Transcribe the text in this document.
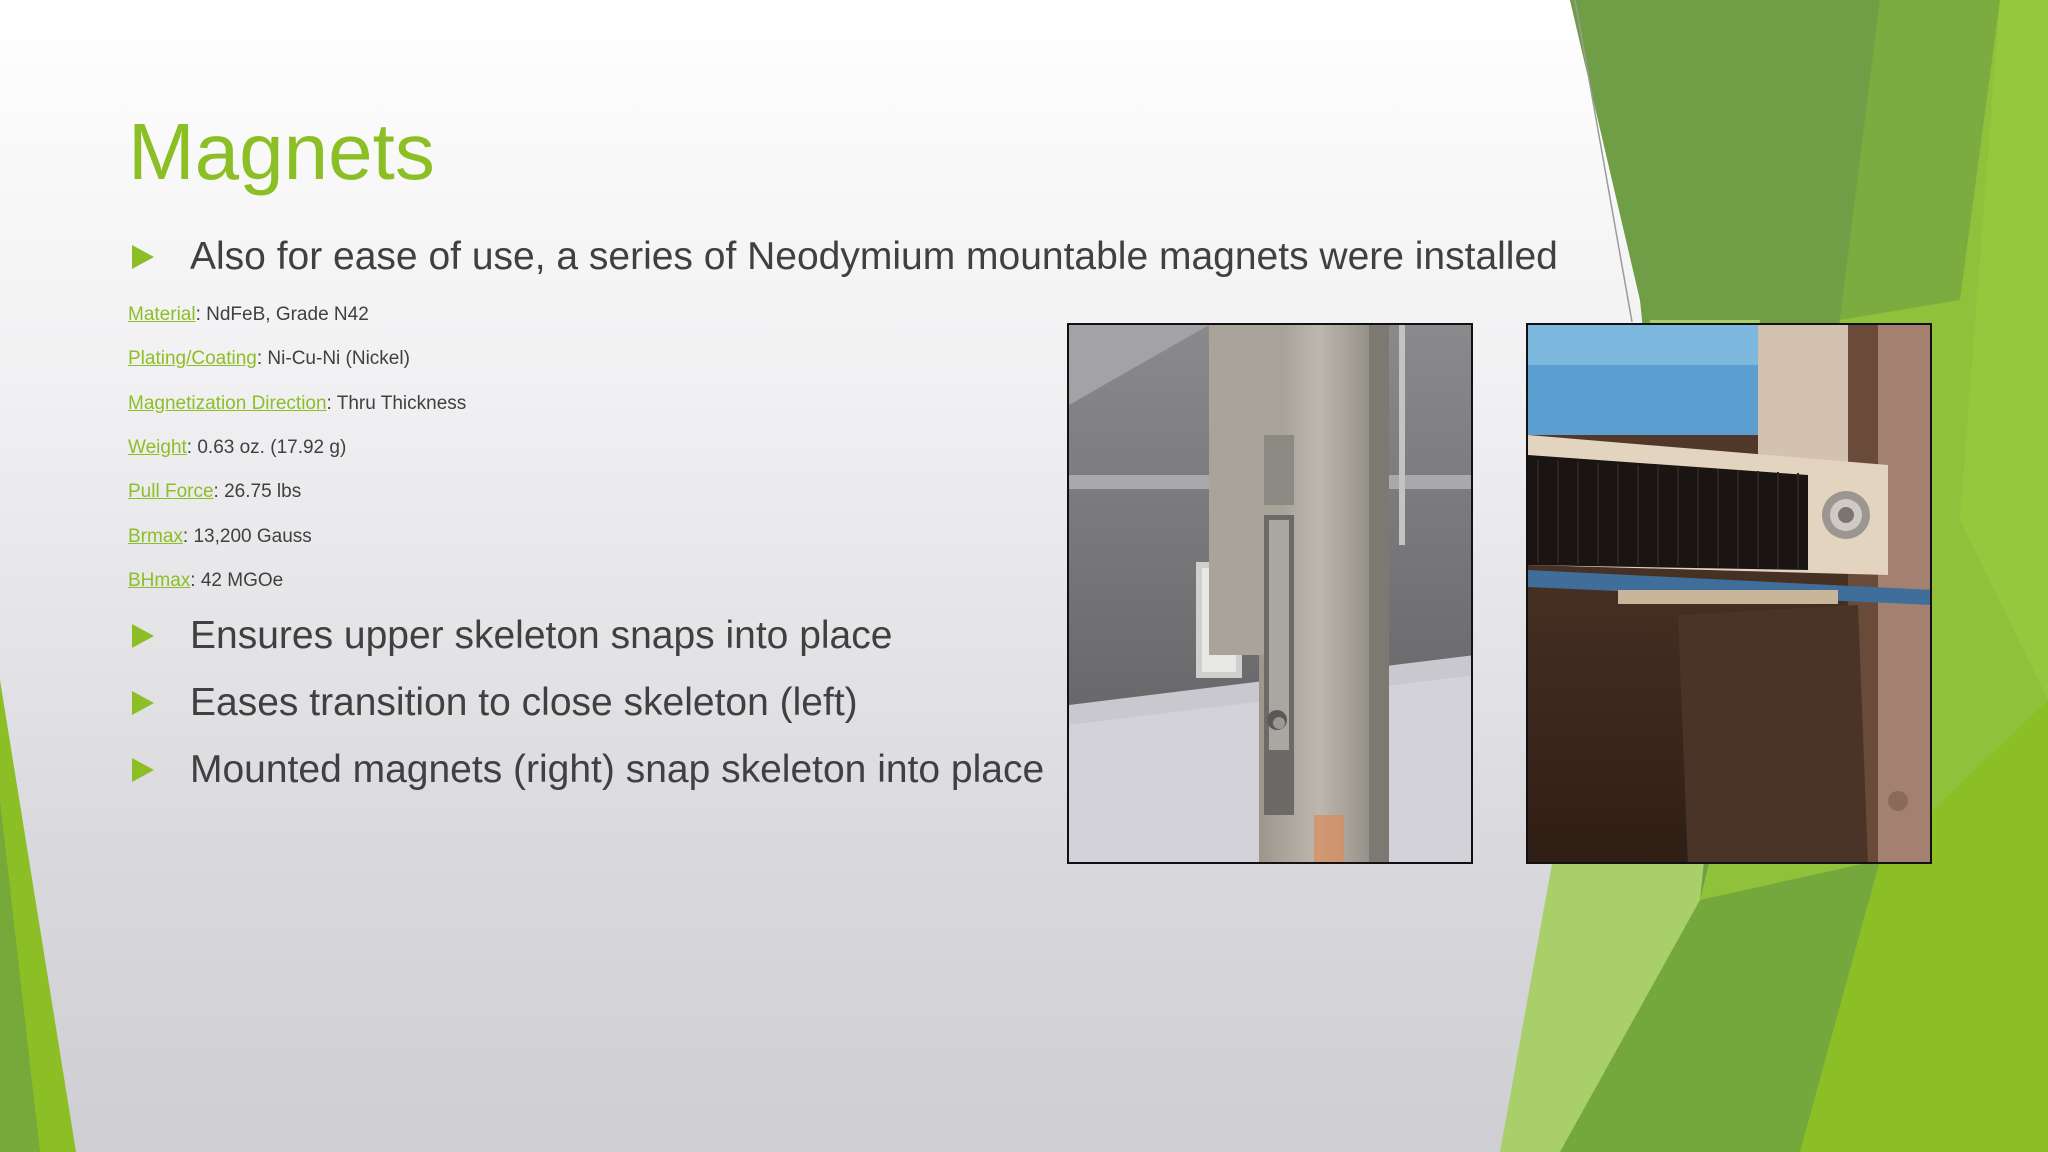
Magnets
Also for ease of use, a series of Neodymium mountable magnets were installed
Material: NdFeB, Grade N42
Plating/Coating: Ni-Cu-Ni (Nickel)
Magnetization Direction: Thru Thickness
Weight: 0.63 oz. (17.92 g)
Pull Force: 26.75 lbs
Brmax: 13,200 Gauss
BHmax: 42 MGOe
Ensures upper skeleton snaps into place
Eases transition to close skeleton (left)
Mounted magnets (right) snap skeleton into place
